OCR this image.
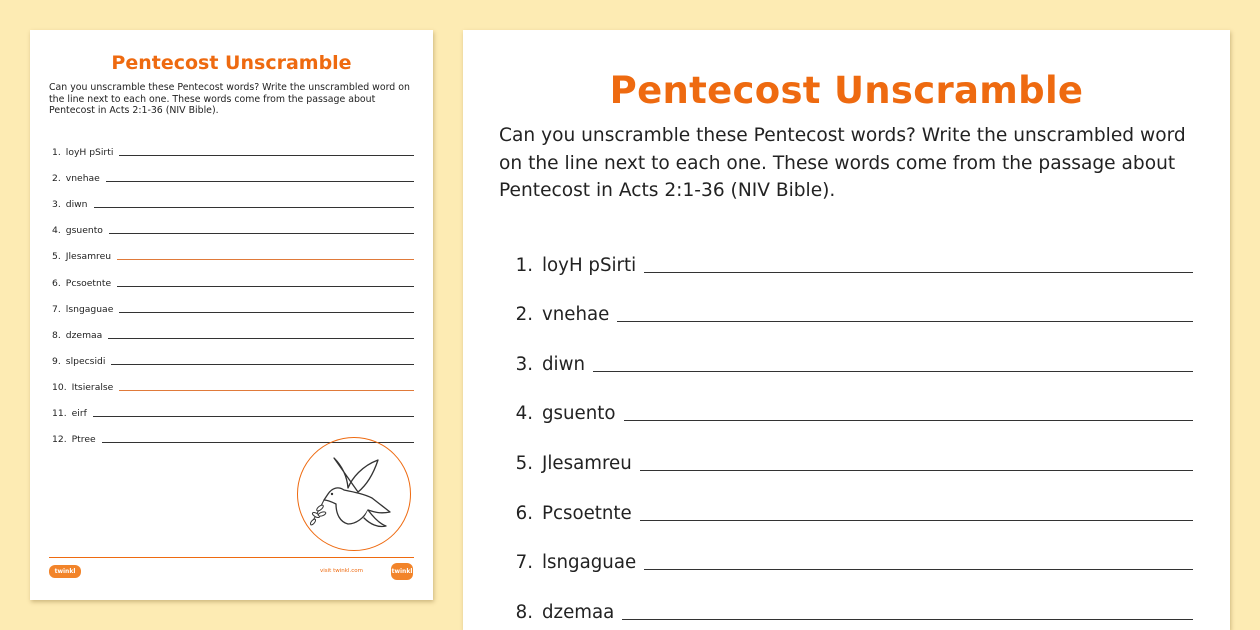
Pentecost Unscramble
Can you unscramble these Pentecost words? Write the unscrambled word on the line next to each one. These words come from the passage about Pentecost in Acts 2:1-36 (NIV Bible).
1. loyH pSirti
2. vnehae
3. diwn
4. gsuento
5. Jlesamreu
6. Pcsoetnte
7. lsngaguae
8. dzemaa
9. slpecsidi
10. Itsieralse
11. eirf
12. Ptree
twinkl	visit twinkl.com	twinkl
Pentecost Unscramble
Can you unscramble these Pentecost words? Write the unscrambled word on the line next to each one. These words come from the passage about Pentecost in Acts 2:1-36 (NIV Bible).
1. loyH pSirti
2. vnehae
3. diwn
4. gsuento
5. Jlesamreu
6. Pcsoetnte
7. lsngaguae
8. dzemaa
